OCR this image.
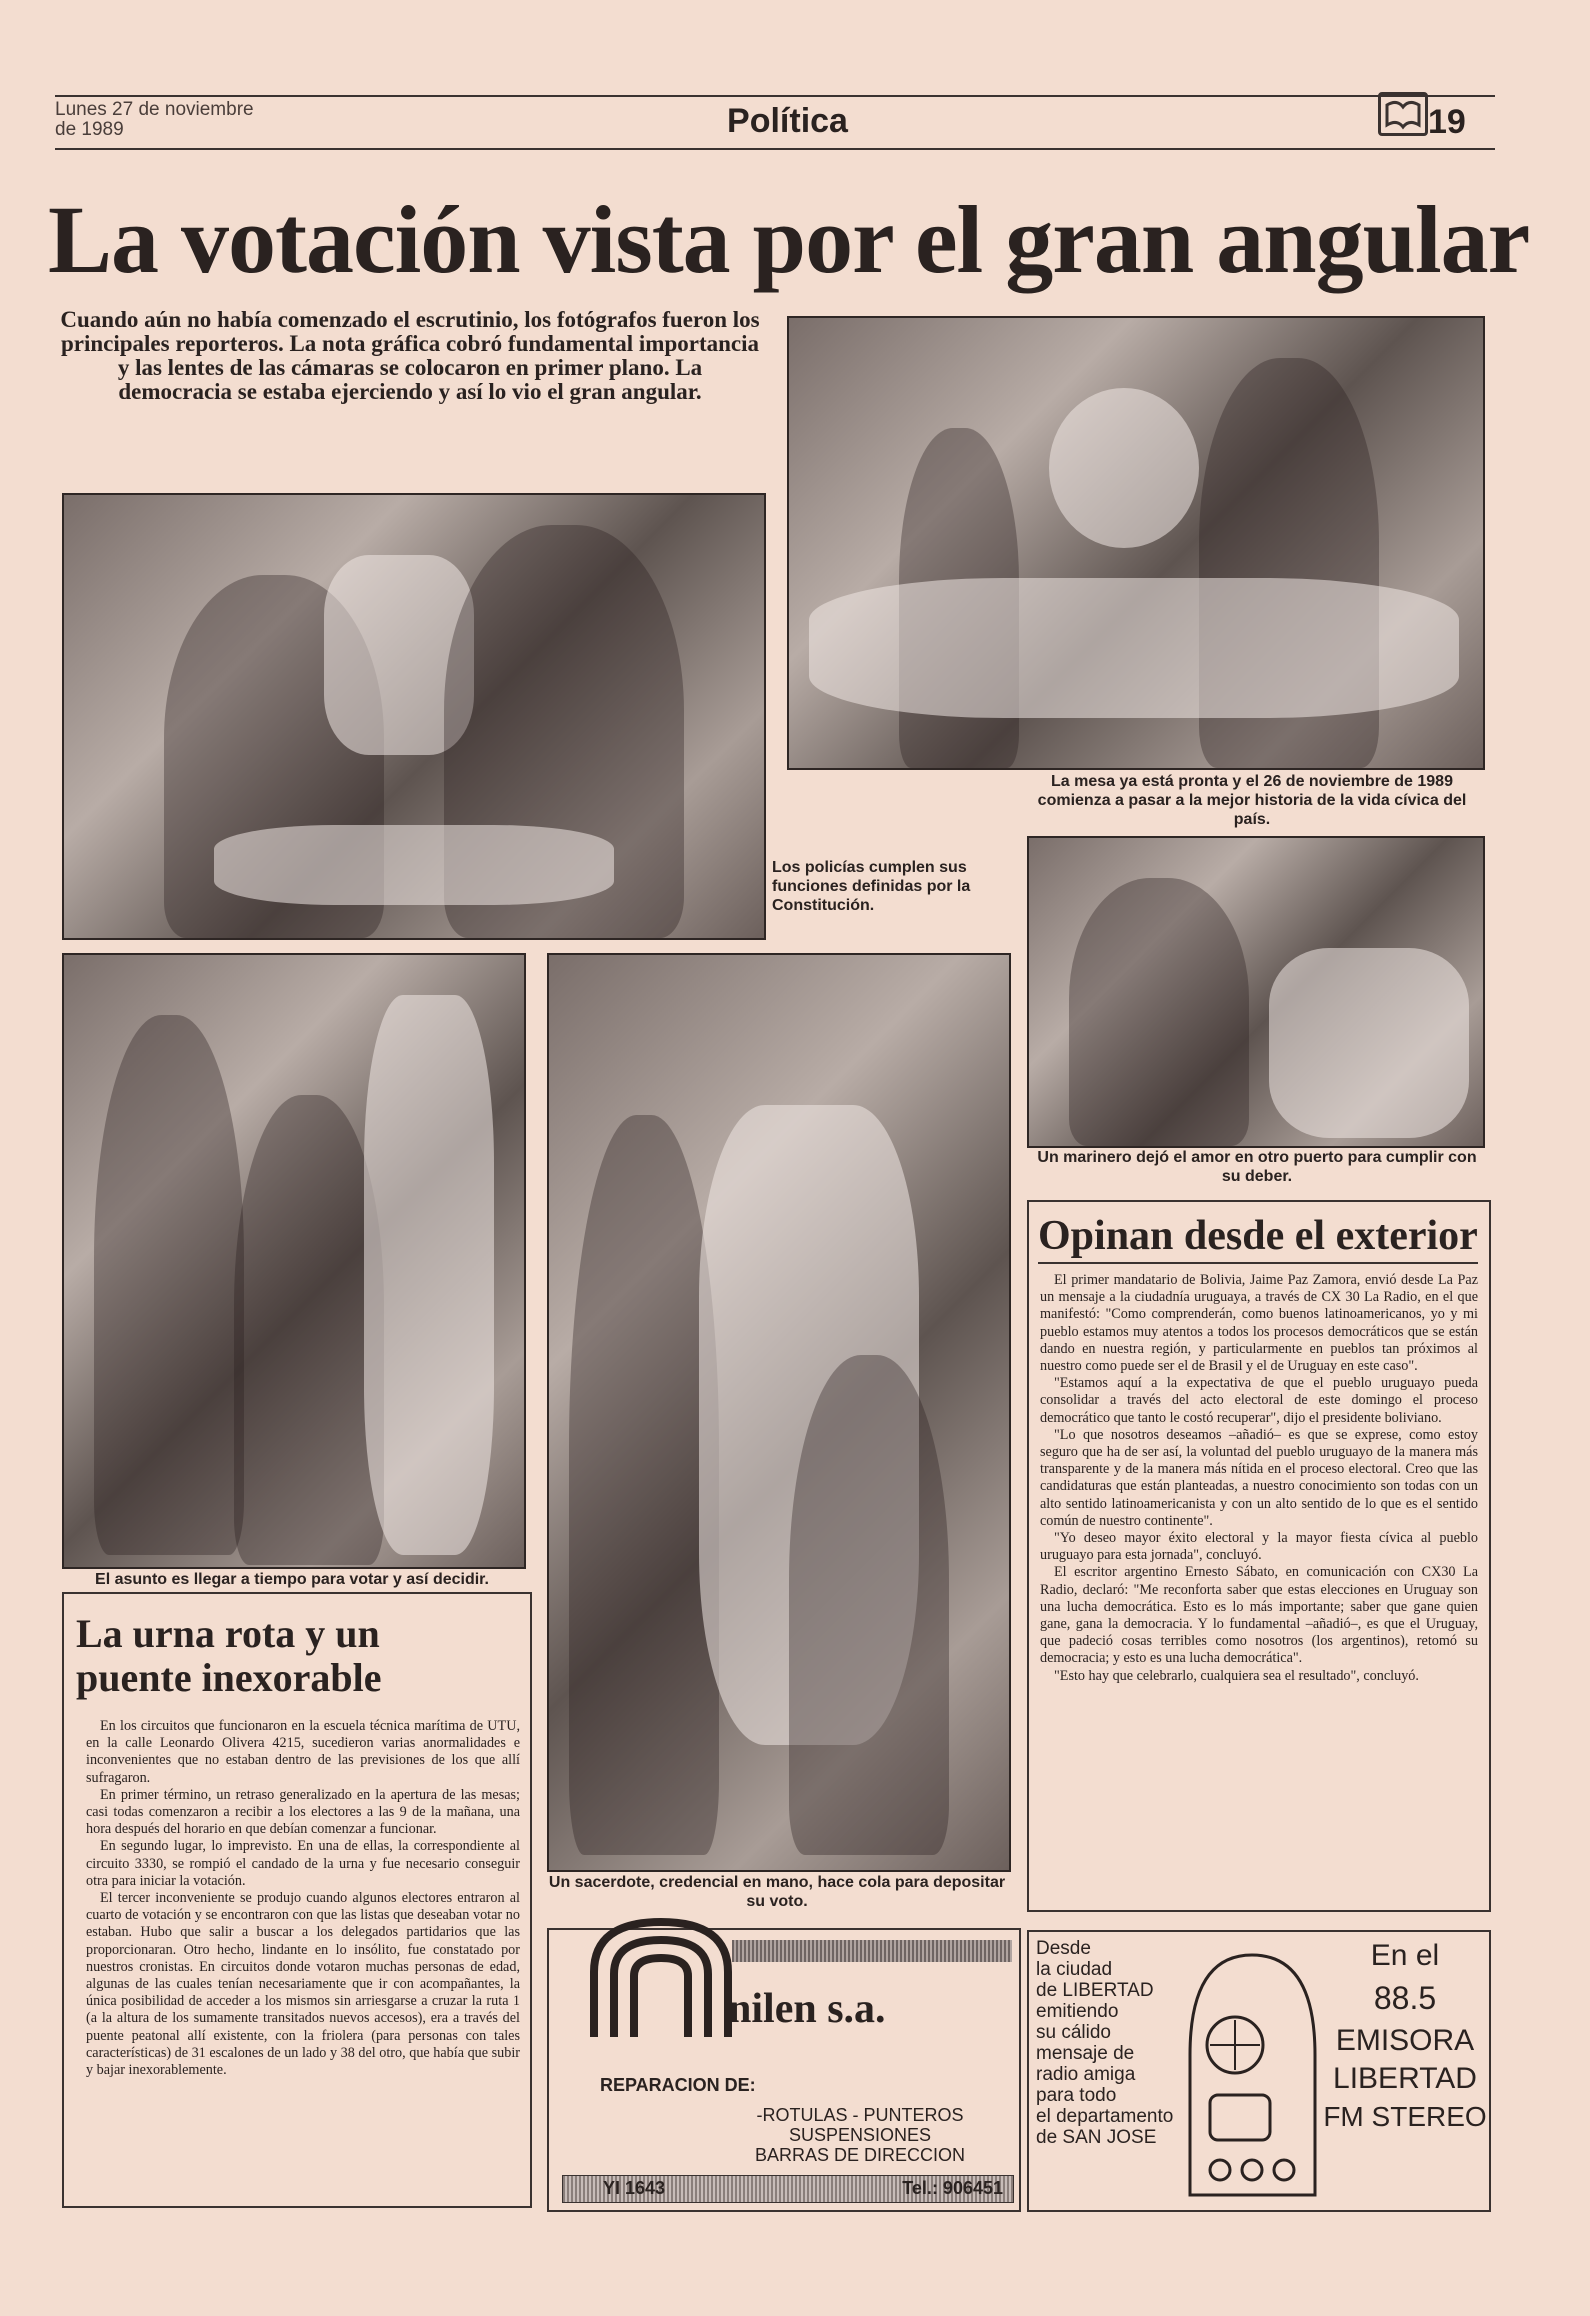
Lunes 27 de noviembre
de 1989	Política	19
La votación vista por el gran angular
Cuando aún no había comenzado el escrutinio, los fotógrafos fueron los principales reporteros. La nota gráfica cobró fundamental importancia y las lentes de las cámaras se colocaron en primer plano. La democracia se estaba ejerciendo y así lo vio el gran angular.
La mesa ya está pronta y el 26 de noviembre de 1989 comienza a pasar a la mejor historia de la vida cívica del país.
Los policías cumplen sus funciones definidas por la Constitución.
Un marinero dejó el amor en otro puerto para cumplir con su deber.
El asunto es llegar a tiempo para votar y así decidir.
Un sacerdote, credencial en mano, hace cola para depositar su voto.
La urna rota y un
puente inexorable

En los circuitos que funcionaron en la escuela técnica marítima de UTU, en la calle Leonardo Olivera 4215, sucedieron varias anormalidades e inconvenientes que no estaban dentro de las previsiones de los que allí sufragaron.

En primer término, un retraso generalizado en la apertura de las mesas; casi todas comenzaron a recibir a los electores a las 9 de la mañana, una hora después del horario en que debían comenzar a funcionar.

En segundo lugar, lo imprevisto. En una de ellas, la correspondiente al circuito 3330, se rompió el candado de la urna y fue necesario conseguir otra para iniciar la votación.

El tercer inconveniente se produjo cuando algunos electores entraron al cuarto de votación y se encontraron con que las listas que deseaban votar no estaban. Hubo que salir a buscar a los delegados partidarios que las proporcionaran. Otro hecho, lindante en lo insólito, fue constatado por nuestros cronistas. En circuitos donde votaron muchas personas de edad, algunas de las cuales tenían necesariamente que ir con acompañantes, la única posibilidad de acceder a los mismos sin arriesgarse a cruzar la ruta 1 (a la altura de los sumamente transitados nuevos accesos), era a través del puente peatonal allí existente, con la friolera (para personas con tales características) de 31 escalones de un lado y 38 del otro, que había que subir y bajar inexorablemente.

Opinan desde el exterior

El primer mandatario de Bolivia, Jaime Paz Zamora, envió desde La Paz un mensaje a la ciudadnía uruguaya, a través de CX 30 La Radio, en el que manifestó: "Como comprenderán, como buenos latinoamericanos, yo y mi pueblo estamos muy atentos a todos los procesos democráticos que se están dando en nuestra región, y particularmente en pueblos tan próximos al nuestro como puede ser el de Brasil y el de Uruguay en este caso".

"Estamos aquí a la expectativa de que el pueblo uruguayo pueda consolidar a través del acto electoral de este domingo el proceso democrático que tanto le costó recuperar", dijo el presidente boliviano.

"Lo que nosotros deseamos –añadió– es que se exprese, como estoy seguro que ha de ser así, la voluntad del pueblo uruguayo de la manera más transparente y de la manera más nítida en el proceso electoral. Creo que las candidaturas que están planteadas, a nuestro conocimiento son todas con un alto sentido latinoamericanista y con un alto sentido de lo que es el sentido común de nuestro continente".

"Yo deseo mayor éxito electoral y la mayor fiesta cívica al pueblo uruguayo para esta jornada", concluyó.

El escritor argentino Ernesto Sábato, en comunicación con CX30 La Radio, declaró: "Me reconforta saber que estas elecciones en Uruguay son una lucha democrática. Esto es lo más importante; saber que gane quien gane, gana la democracia. Y lo fundamental –añadió–, es que el Uruguay, que padeció cosas terribles como nosotros (los argentinos), retomó su democracia; y esto es una lucha democrática".

"Esto hay que celebrarlo, cualquiera sea el resultado", concluyó.

nilen s.a.
REPARACION DE:
-ROTULAS - PUNTEROS
SUSPENSIONES
BARRAS DE DIRECCION
YI 1643	Tel.: 906451
Desde
la ciudad
de LIBERTAD
emitiendo
su cálido
mensaje de
radio amiga
para todo
el departamento
de SAN JOSE
En el
88.5
EMISORA
LIBERTAD
FM STEREO
